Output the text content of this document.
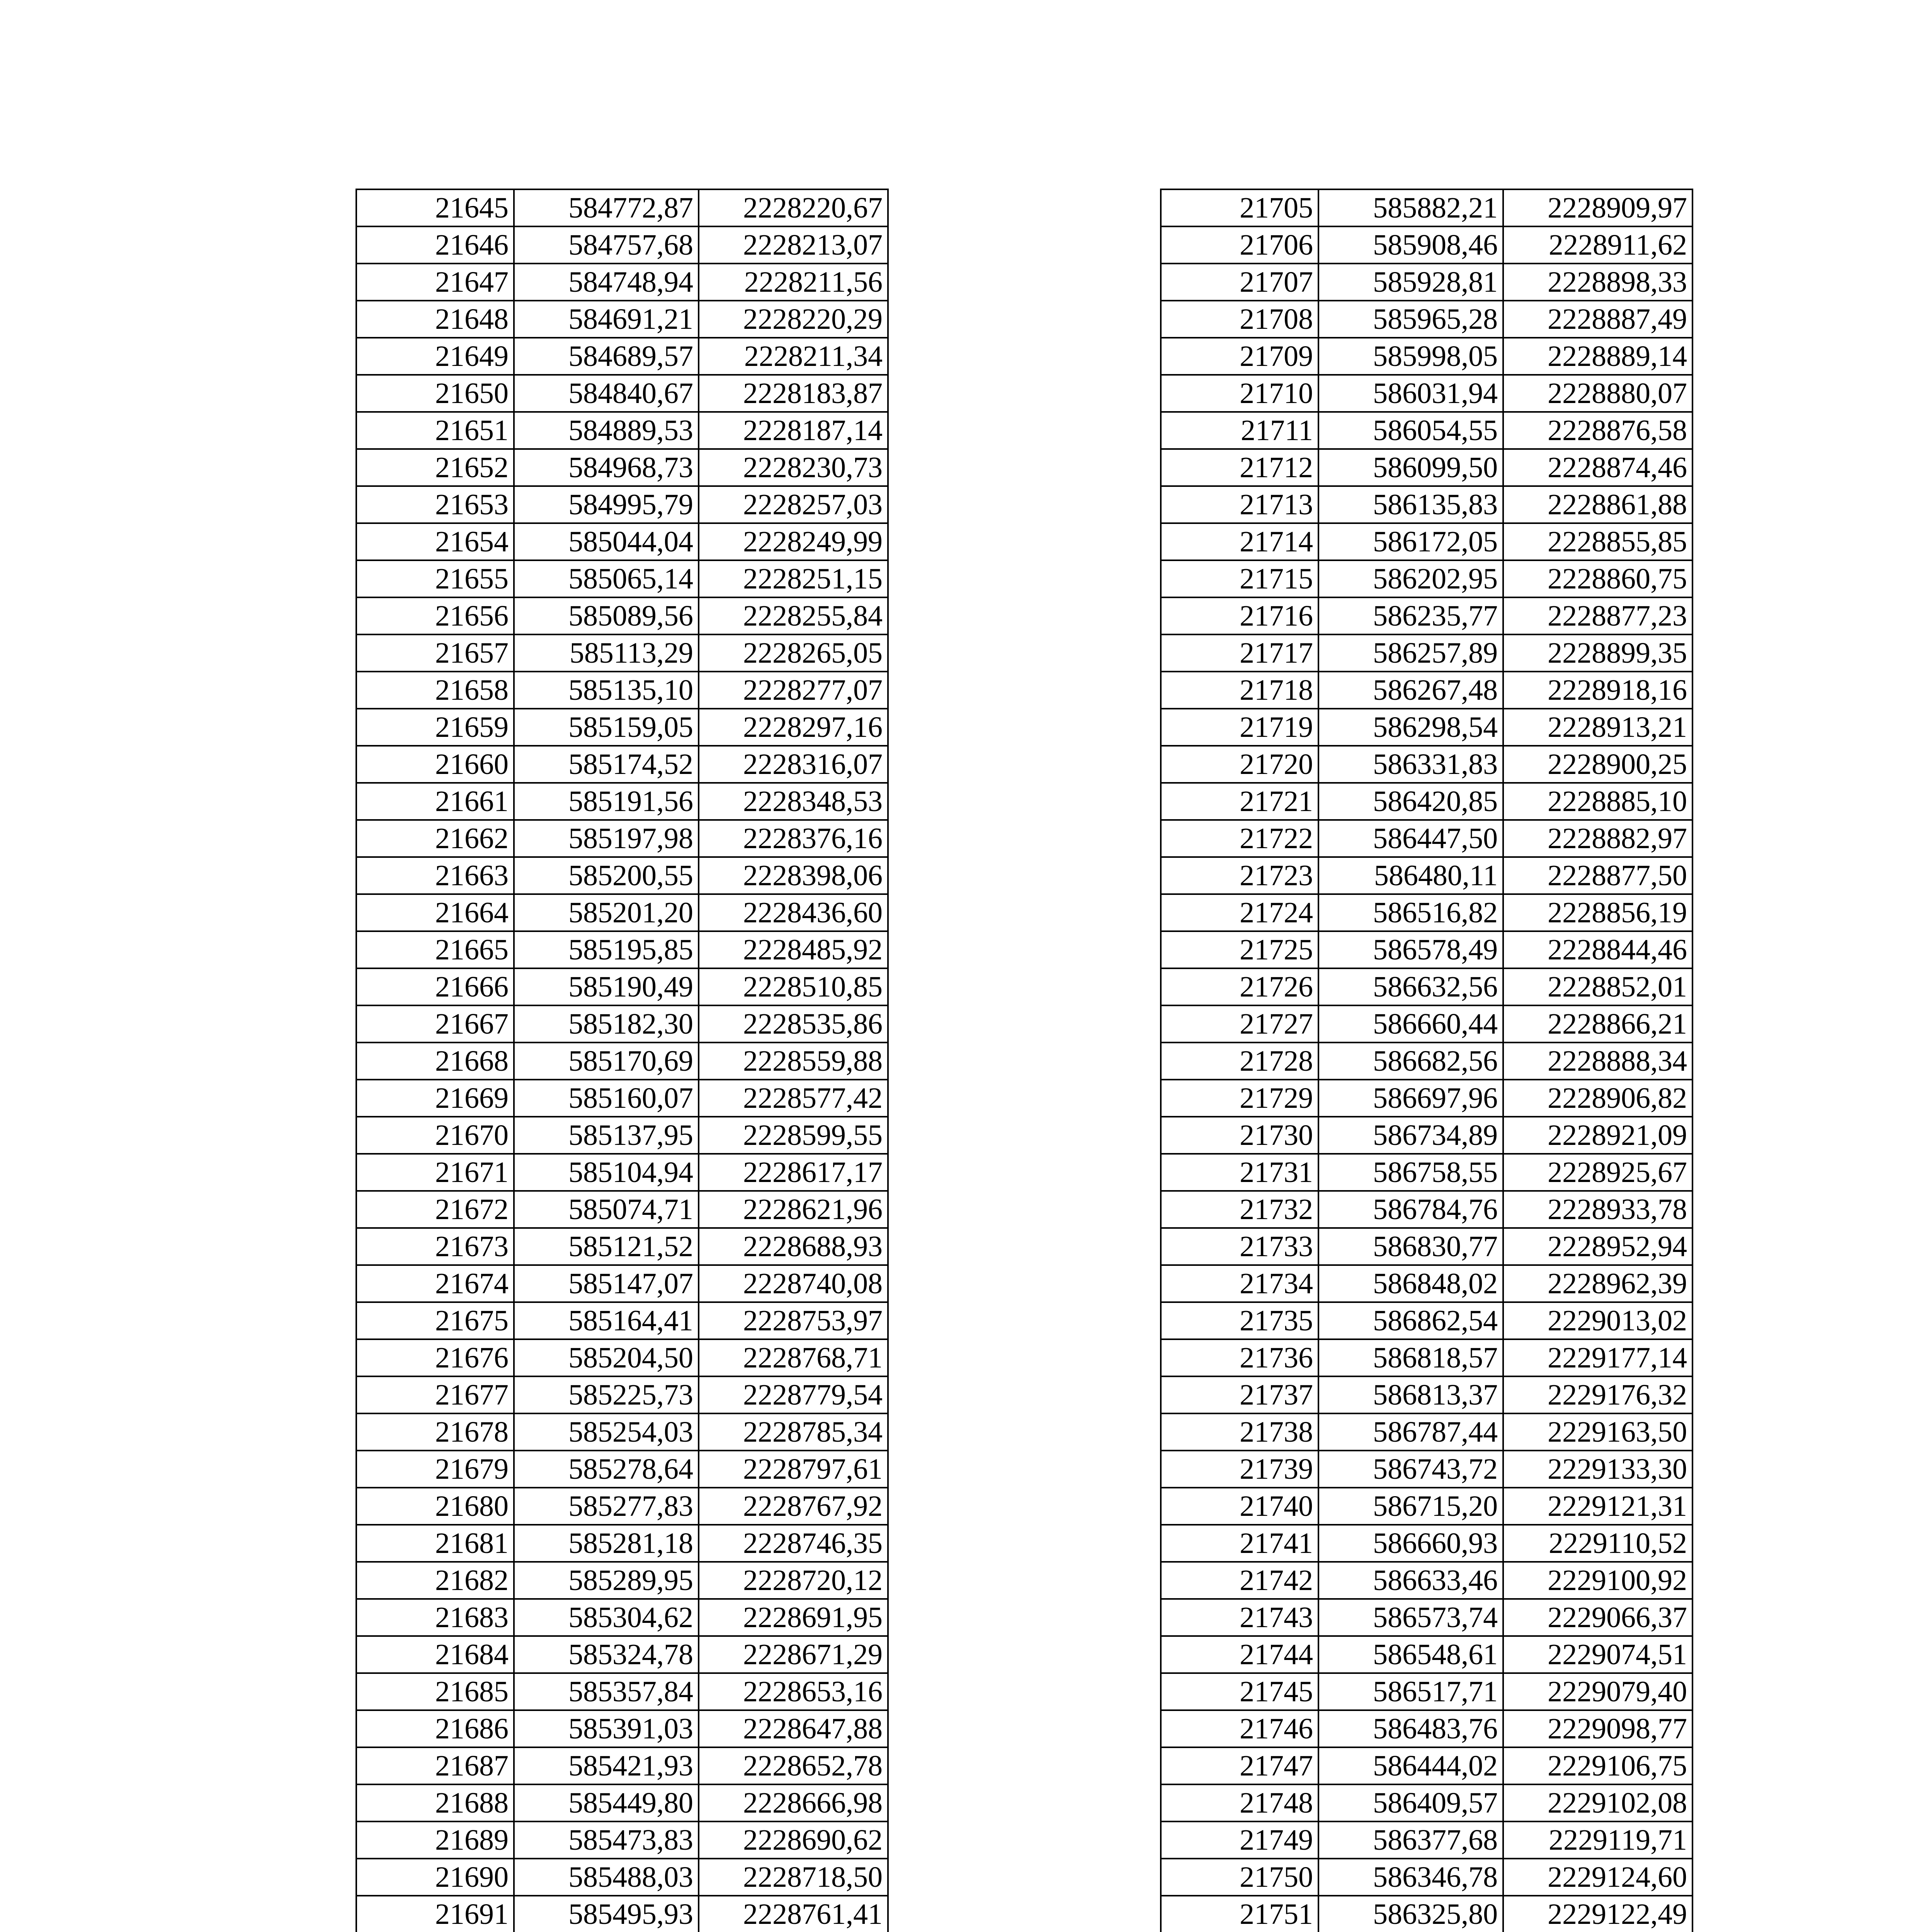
21645	584772,87	2228220,67
21646	584757,68	2228213,07
21647	584748,94	2228211,56
21648	584691,21	2228220,29
21649	584689,57	2228211,34
21650	584840,67	2228183,87
21651	584889,53	2228187,14
21652	584968,73	2228230,73
21653	584995,79	2228257,03
21654	585044,04	2228249,99
21655	585065,14	2228251,15
21656	585089,56	2228255,84
21657	585113,29	2228265,05
21658	585135,10	2228277,07
21659	585159,05	2228297,16
21660	585174,52	2228316,07
21661	585191,56	2228348,53
21662	585197,98	2228376,16
21663	585200,55	2228398,06
21664	585201,20	2228436,60
21665	585195,85	2228485,92
21666	585190,49	2228510,85
21667	585182,30	2228535,86
21668	585170,69	2228559,88
21669	585160,07	2228577,42
21670	585137,95	2228599,55
21671	585104,94	2228617,17
21672	585074,71	2228621,96
21673	585121,52	2228688,93
21674	585147,07	2228740,08
21675	585164,41	2228753,97
21676	585204,50	2228768,71
21677	585225,73	2228779,54
21678	585254,03	2228785,34
21679	585278,64	2228797,61
21680	585277,83	2228767,92
21681	585281,18	2228746,35
21682	585289,95	2228720,12
21683	585304,62	2228691,95
21684	585324,78	2228671,29
21685	585357,84	2228653,16
21686	585391,03	2228647,88
21687	585421,93	2228652,78
21688	585449,80	2228666,98
21689	585473,83	2228690,62
21690	585488,03	2228718,50
21691	585495,93	2228761,41

21705	585882,21	2228909,97
21706	585908,46	2228911,62
21707	585928,81	2228898,33
21708	585965,28	2228887,49
21709	585998,05	2228889,14
21710	586031,94	2228880,07
21711	586054,55	2228876,58
21712	586099,50	2228874,46
21713	586135,83	2228861,88
21714	586172,05	2228855,85
21715	586202,95	2228860,75
21716	586235,77	2228877,23
21717	586257,89	2228899,35
21718	586267,48	2228918,16
21719	586298,54	2228913,21
21720	586331,83	2228900,25
21721	586420,85	2228885,10
21722	586447,50	2228882,97
21723	586480,11	2228877,50
21724	586516,82	2228856,19
21725	586578,49	2228844,46
21726	586632,56	2228852,01
21727	586660,44	2228866,21
21728	586682,56	2228888,34
21729	586697,96	2228906,82
21730	586734,89	2228921,09
21731	586758,55	2228925,67
21732	586784,76	2228933,78
21733	586830,77	2228952,94
21734	586848,02	2228962,39
21735	586862,54	2229013,02
21736	586818,57	2229177,14
21737	586813,37	2229176,32
21738	586787,44	2229163,50
21739	586743,72	2229133,30
21740	586715,20	2229121,31
21741	586660,93	2229110,52
21742	586633,46	2229100,92
21743	586573,74	2229066,37
21744	586548,61	2229074,51
21745	586517,71	2229079,40
21746	586483,76	2229098,77
21747	586444,02	2229106,75
21748	586409,57	2229102,08
21749	586377,68	2229119,71
21750	586346,78	2229124,60
21751	586325,80	2229122,49
